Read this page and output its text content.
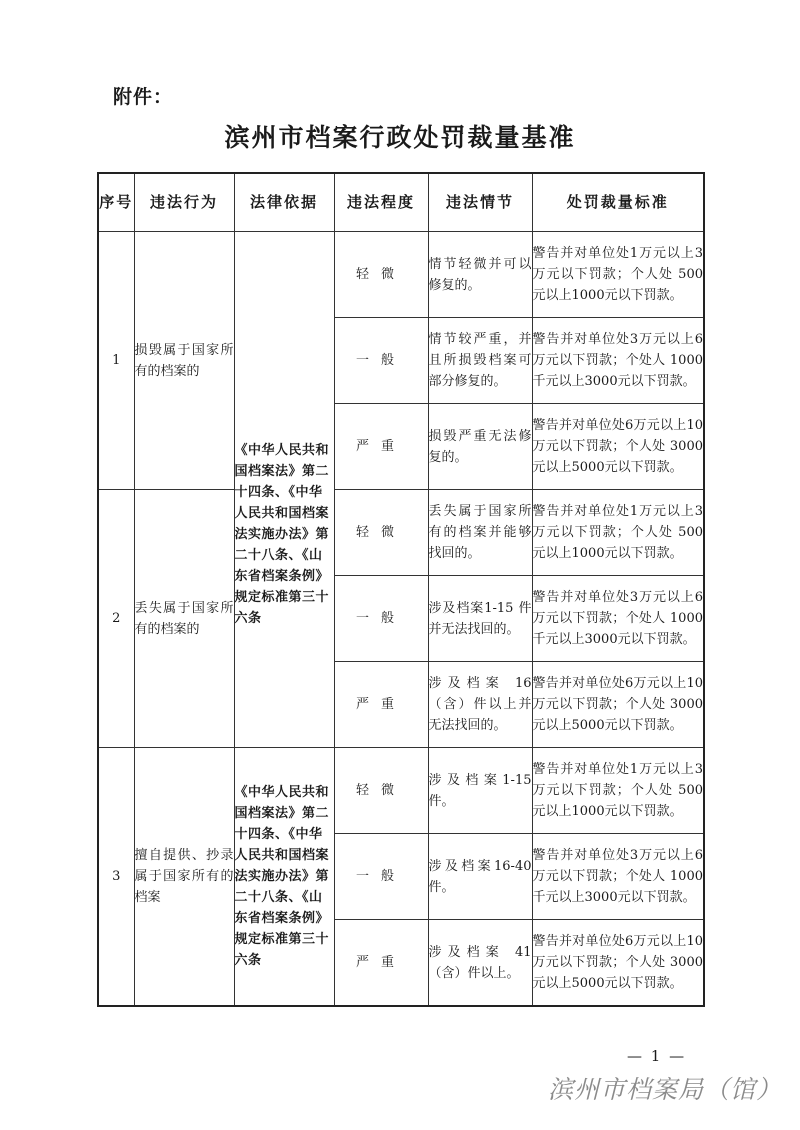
附件：
滨州市档案行政处罚裁量基准
序号	违法行为	法律依据	违法程度	违法情节	处罚裁量标准
1	损毁属于国家所有的档案的	《中华人民共和国档案法》第二十四条、《中华人民共和国档案法实施办法》第二十八条、《山东省档案条例》规定标准第三十六条	轻微	情节轻微并可以修复的。	警告并对单位处1万元以上3万元以下罚款；个人处 500 元以上1000元以下罚款。
			一般	情节较严重，并且所损毁档案可部分修复的。	警告并对单位处3万元以上6万元以下罚款；个处人 1000 千元以上3000元以下罚款。
			严重	损毁严重无法修复的。	警告并对单位处6万元以上10万元以下罚款；个人处 3000 元以上5000元以下罚款。
2	丢失属于国家所有的档案的		轻微	丢失属于国家所有的档案并能够找回的。	警告并对单位处1万元以上3万元以下罚款；个人处 500 元以上1000元以下罚款。
			一般	涉及档案1-15 件并无法找回的。	警告并对单位处3万元以上6万元以下罚款；个处人 1000 千元以上3000元以下罚款。
			严重	涉及档案 16（含）件以上并无法找回的。	警告并对单位处6万元以上10万元以下罚款；个人处 3000 元以上5000元以下罚款。
3	擅自提供、抄录属于国家所有的档案	《中华人民共和国档案法》第二十四条、《中华人民共和国档案法实施办法》第二十八条、《山东省档案条例》规定标准第三十六条	轻微	涉及档案1-15件。	警告并对单位处1万元以上3万元以下罚款；个人处 500 元以上1000元以下罚款。
			一般	涉及档案16-40件。	警告并对单位处3万元以上6万元以下罚款；个处人 1000 千元以上3000元以下罚款。
			严重	涉及档案 41（含）件以上。	警告并对单位处6万元以上10万元以下罚款；个人处 3000 元以上5000元以下罚款。
— 1 —
滨州市档案局（馆）
